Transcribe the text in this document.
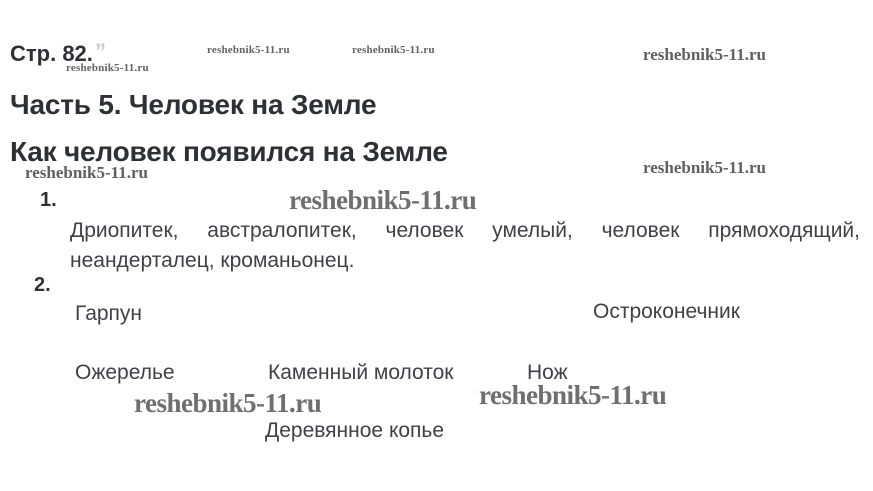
Стр. 82. ”
reshebnik5-11.ru
reshebnik5-11.ru	reshebnik5-11.ru	reshebnik5-11.ru
Часть 5. Человек на Земле
Как человек появился на Земле
reshebnik5-11.ru	reshebnik5-11.ru
1.	reshebnik5-11.ru
Дриопитек, австралопитек, человек умелый, человек прямоходящий,
неандерталец, кроманьонец.
2.
Гарпун	Остроконечник
Ожерелье	Каменный молоток	Нож
Деревянное копье
reshebnik5-11.ru	reshebnik5-11.ru
